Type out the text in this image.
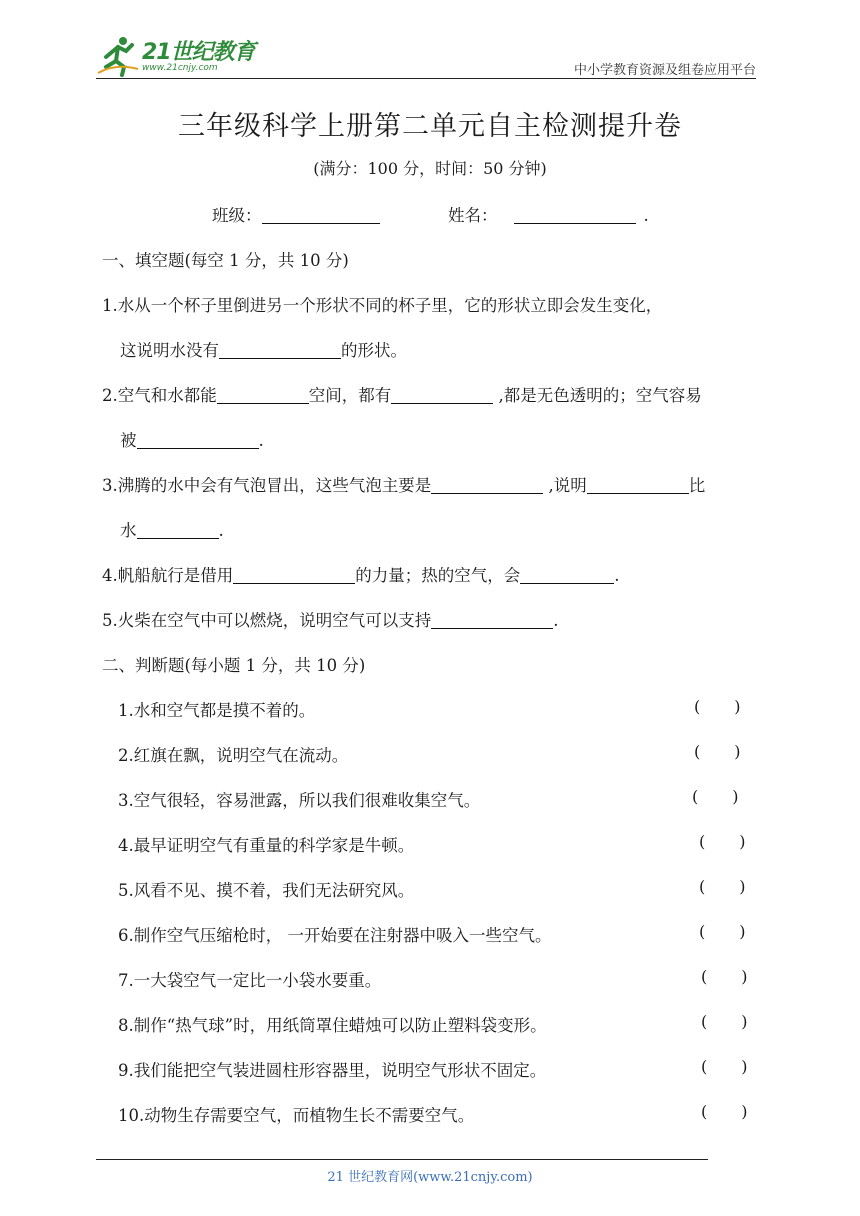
21世纪教育
www.21cnjy.com	中小学教育资源及组卷应用平台
三年级科学上册第二单元自主检测提升卷
(满分：100 分，时间：50 分钟)
班级：	姓名：	.
一、填空题(每空 1 分，共 10 分)
1.水从一个杯子里倒进另一个形状不同的杯子里，它的形状立即会发生变化，
这说明水没有	的形状。
2.空气和水都能	空间，都有	,都是无色透明的；空气容易
被	.
3.沸腾的水中会有气泡冒出，这些气泡主要是	,说明	比
水	.
4.帆船航行是借用	的力量；热的空气，会	.
5.火柴在空气中可以燃烧，说明空气可以支持	.
二、判断题(每小题 1 分，共 10 分)
1.水和空气都是摸不着的。	( )
2.红旗在飘，说明空气在流动。	( )
3.空气很轻，容易泄露，所以我们很难收集空气。	( )
4.最早证明空气有重量的科学家是牛顿。	( )
5.风看不见、摸不着，我们无法研究风。	( )
6.制作空气压缩枪时， 一开始要在注射器中吸入一些空气。	( )
7.一大袋空气一定比一小袋水要重。	( )
8.制作“热气球”时，用纸筒罩住蜡烛可以防止塑料袋变形。	( )
9.我们能把空气装进圆柱形容器里，说明空气形状不固定。	( )
10.动物生存需要空气，而植物生长不需要空气。	( )
21 世纪教育网(www.21cnjy.com)
